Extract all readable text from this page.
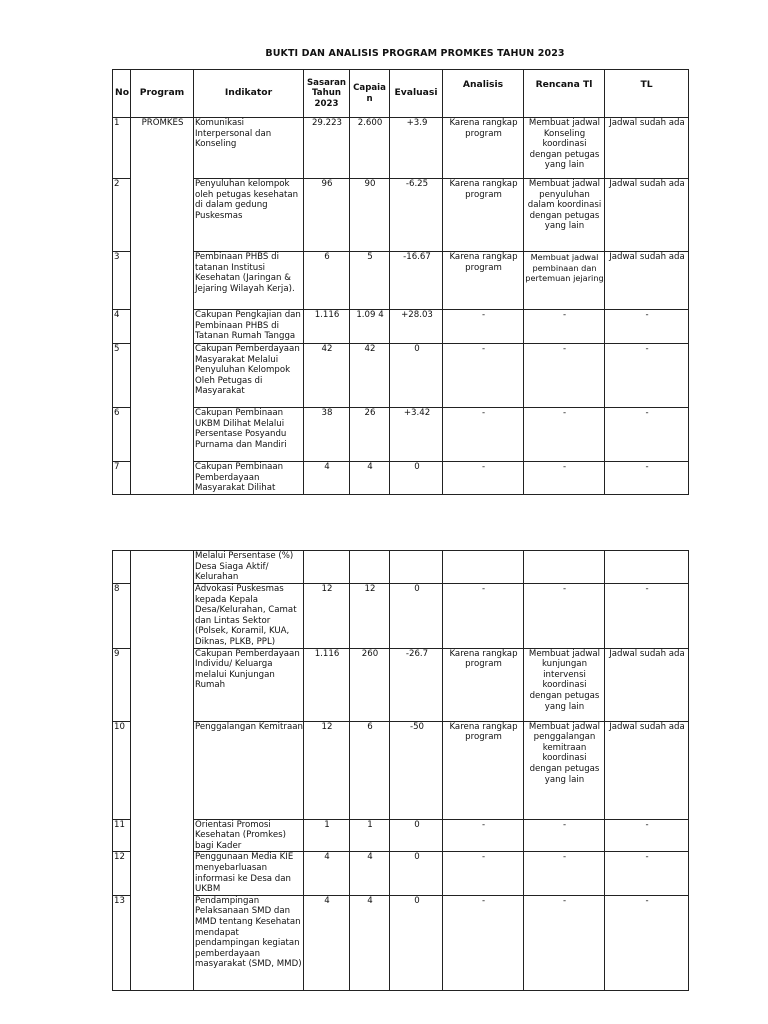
BUKTI DAN ANALISIS PROGRAM PROMKES TAHUN 2023
No	Program	Indikator	Sasaran Tahun 2023	Capaia n	Evaluasi	Analisis	Rencana Tl	TL
1	PROMKES	Komunikasi Interpersonal dan Konseling	29.223	2.600	+3.9	Karena rangkap program	Membuat jadwal Konseling koordinasi dengan petugas yang lain	Jadwal sudah ada
2		Penyuluhan kelompok oleh petugas kesehatan di dalam gedung Puskesmas	96	90	-6.25	Karena rangkap program	Membuat jadwal penyuluhan dalam koordinasi dengan petugas yang lain	Jadwal sudah ada
3		Pembinaan PHBS di tatanan Institusi Kesehatan (Jaringan & Jejaring Wilayah Kerja).	6	5	-16.67	Karena rangkap program	Membuat jadwal pembinaan dan pertemuan jejaring	Jadwal sudah ada
4		Cakupan Pengkajian dan Pembinaan PHBS di Tatanan Rumah Tangga	1.116	1.09 4	+28.03	-	-	-
5		Cakupan Pemberdayaan Masyarakat Melalui Penyuluhan Kelompok Oleh Petugas di Masyarakat	42	42	0	-	-	-
6		Cakupan Pembinaan UKBM Dilihat Melalui Persentase Posyandu Purnama dan Mandiri	38	26	+3.42	-	-	-
7		Cakupan Pembinaan Pemberdayaan Masyarakat Dilihat	4	4	0	-	-	-
		Melalui Persentase (%) Desa Siaga Aktif/ Kelurahan						
8		Advokasi Puskesmas kepada Kepala Desa/Kelurahan, Camat dan Lintas Sektor (Polsek, Koramil, KUA, Diknas, PLKB, PPL)	12	12	0	-	-	-
9		Cakupan Pemberdayaan Individu/ Keluarga melalui Kunjungan Rumah	1.116	260	-26.7	Karena rangkap program	Membuat jadwal kunjungan intervensi koordinasi dengan petugas yang lain	Jadwal sudah ada
10		Penggalangan Kemitraan	12	6	-50	Karena rangkap program	Membuat jadwal penggalangan kemitraan koordinasi dengan petugas yang lain	Jadwal sudah ada
11		Orientasi Promosi Kesehatan (Promkes) bagi Kader	1	1	0	-	-	-
12		Penggunaan Media KIE menyebarluasan informasi ke Desa dan UKBM	4	4	0	-	-	-
13		Pendampingan Pelaksanaan SMD dan MMD tentang Kesehatan mendapat pendampingan kegiatan pemberdayaan masyarakat (SMD, MMD)	4	4	0	-	-	-
